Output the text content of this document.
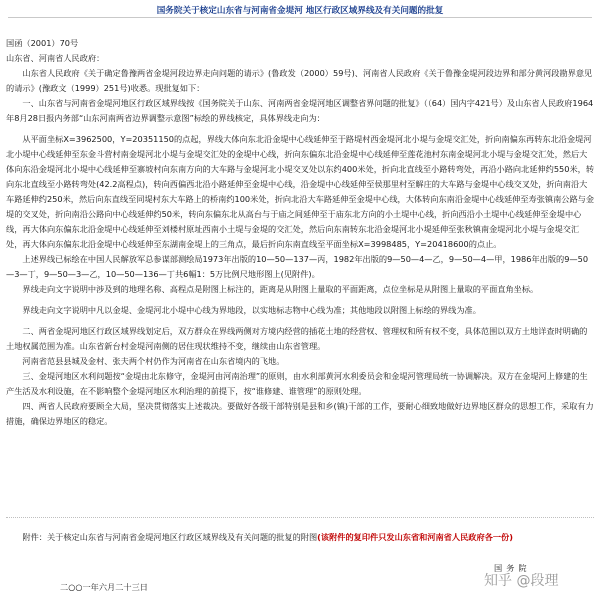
国务院关于核定山东省与河南省金堤河 地区行政区域界线及有关问题的批复

国函（2001）70号

山东省、河南省人民政府：

山东省人民政府《关于确定鲁豫两省金堤河段边界走向问题的请示》(鲁政发（2000）59号)、河南省人民政府《关于鲁豫金堤河段边界和部分黄河段勘界意见的请示》(豫政文（1999）251号)收悉。现批复如下：

一、山东省与河南省金堤河地区行政区域界线按《国务院关于山东、河南两省金堤河地区调整省界问题的批复》（（64）国内字421号）及山东省人民政府1964年8月28日报内务部“山东河南两省边界调整示意图”标绘的界线核定，具体界线走向为：

从平面坐标X=3962500，Y=20351150的点起，界线大体向东北沿金堤中心线延伸至于路堤村西金堤河北小堤与金堤交汇处，折向南偏东再转东北沿金堤河北小堤中心线延伸至东金斗营村南金堤河北小堤与金堤交汇处的金堤中心线，折向东偏东北沿金堤中心线延伸至莲花池村东南金堤河北小堤与金堤交汇处，然后大体向东沿金堤河北小堤中心线延伸至寨坡村向东南方向的大车路与金堤河北小堤交叉处以东约400米处，折向北直线至小路转弯处，再沿小路向北延伸约550米，转向东北直线至小路转弯处(42.2高程点)，转向西偏西北沿小路延伸至金堤中心线，沿金堤中心线延伸至侯那里村至解庄的大车路与金堤中心线交叉处，折向南沿大车路延伸约250米，然后向东直线至同堤村东大车路上的桥南约100米处，折向北沿大车路延伸至金堤中心线，大体转向东南沿金堤中心线延伸至寿张镇南公路与金堤的交叉处，折向南沿公路向中心线延伸约50米，转向东偏东北从高台与于庙之间延伸至于庙东北方向的小土堤中心线，折向西沿小土堤中心线延伸至金堤中心线，再大体向东偏东北沿金堤中心线延伸至刘楼村原址西南小土堤与金堤的交汇处，然后向东南转东北沿金堤河北小堤延伸至张秋镇南金堤河北小堤与金堤交汇处，再大体向东偏东北沿金堤中心线延伸至东湖南金堤上的三角点，最后折向东南直线至平面坐标X=3998485，Y=20418600的点止。

上述界线已标绘在中国人民解放军总参谋部测绘局1973年出版的10—50—137—丙，1982年出版的9—50—4—乙，9—50—4—甲，1986年出版的9—50—3—丁，9—50—3—乙，10—50—136—丁共6幅1：5万比例尺地形图上(见附件)。

界线走向文字说明中涉及到的地理名称、高程点是附图上标注的，距离是从附图上量取的平面距离，点位坐标是从附图上量取的平面直角坐标。

界线走向文字说明中凡以金堤、金堤河北小堤中心线为界地段，以实地标志物中心线为准；其他地段以附图上标绘的界线为准。

二、两省金堤河地区行政区域界线划定后，双方群众在界线两侧对方境内经营的插花土地的经营权、管理权和所有权不变，具体范围以双方土地详查时明确的土地权属范围为准。山东省新台村金堤河南侧的居住现状维持不变，继续由山东省管理。

河南省范县县城及金村、张夫两个村仍作为河南省在山东省境内的飞地。

三、金堤河地区水利问题按“金堤由北东修守，金堤河由河南治理”的原则，由水利部黄河水利委员会和金堤河管理局统一协调解决。双方在金堤河上修建的生产生活及水利设施，在不影响整个金堤河地区水利治理的前提下，按“谁修建、谁管理”的原则处理。

四、两省人民政府要顾全大局，坚决贯彻落实上述裁决。要做好各级干部特别是县和乡(镇)干部的工作，要耐心细致地做好边界地区群众的思想工作，采取有力措施，确保边界地区的稳定。

附件：关于核定山东省与河南省金堤河地区行政区域界线及有关问题的批复的附图(该附件的复印件只发山东省和河南省人民政府各一份)
国务院
二○○一年六月二十三日	知乎 @段理
